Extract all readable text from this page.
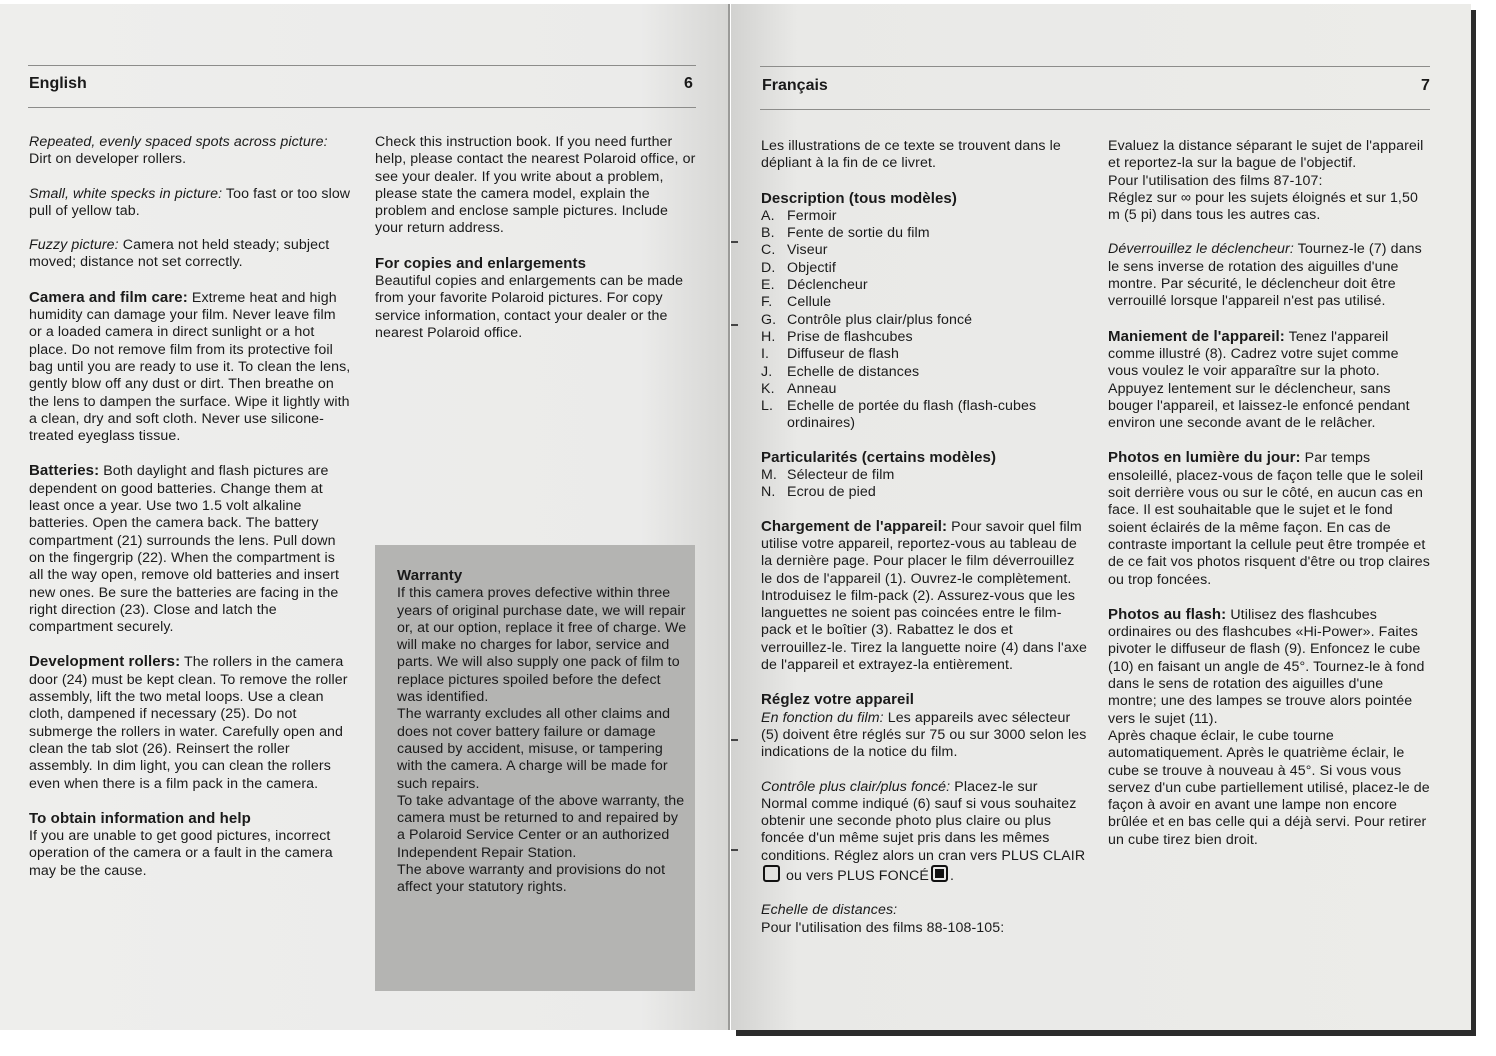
English	6

Repeated, evenly spaced spots across picture: Dirt on developer rollers.

Small, white specks in picture: Too fast or too slow pull of yellow tab.

Fuzzy picture: Camera not held steady; subject moved; distance not set correctly.

Camera and film care: Extreme heat and high humidity can damage your film. Never leave film or a loaded camera in direct sunlight or a hot place. Do not remove film from its protective foil bag until you are ready to use it. To clean the lens, gently blow off any dust or dirt. Then breathe on the lens to dampen the surface. Wipe it lightly with a clean, dry and soft cloth. Never use silicone-treated eyeglass tissue.

Batteries: Both daylight and flash pictures are dependent on good batteries. Change them at least once a year. Use two 1.5 volt alkaline batteries. Open the camera back. The battery compartment (21) surrounds the lens. Pull down on the fingergrip (22). When the compartment is all the way open, remove old batteries and insert new ones. Be sure the batteries are facing in the right direction (23). Close and latch the compartment securely.

Development rollers: The rollers in the camera door (24) must be kept clean. To remove the roller assembly, lift the two metal loops. Use a clean cloth, dampened if necessary (25). Do not submerge the rollers in water. Carefully open and clean the tab slot (26). Reinsert the roller assembly. In dim light, you can clean the rollers even when there is a film pack in the camera.

To obtain information and help

If you are unable to get good pictures, incorrect operation of the camera or a fault in the camera may be the cause.

Check this instruction book. If you need further help, please contact the nearest Polaroid office, or see your dealer. If you write about a problem, please state the camera model, explain the problem and enclose sample pictures. Include your return address.

For copies and enlargements

Beautiful copies and enlargements can be made from your favorite Polaroid pictures. For copy service information, contact your dealer or the nearest Polaroid office.

Warranty

If this camera proves defective within three years of original purchase date, we will repair or, at our option, replace it free of charge. We will make no charges for labor, service and parts. We will also supply one pack of film to replace pictures spoiled before the defect was identified.

The warranty excludes all other claims and does not cover battery failure or damage caused by accident, misuse, or tampering with the camera. A charge will be made for such repairs.

To take advantage of the above warranty, the camera must be returned to and repaired by a Polaroid Service Center or an authorized Independent Repair Station.

The above warranty and provisions do not affect your statutory rights.

Français	7

Les illustrations de ce texte se trouvent dans le dépliant à la fin de ce livret.

Description (tous modèles)

A. Fermoir
B. Fente de sortie du film
C. Viseur
D. Objectif
E. Déclencheur
F. Cellule
G. Contrôle plus clair/plus foncé
H. Prise de flashcubes
I. Diffuseur de flash
J. Echelle de distances
K. Anneau
L. Echelle de portée du flash (flash-cubes ordinaires)

Particularités (certains modèles)

M. Sélecteur de film
N. Ecrou de pied

Chargement de l'appareil: Pour savoir quel film utilise votre appareil, reportez-vous au tableau de la dernière page. Pour placer le film déverrouillez le dos de l'appareil (1). Ouvrez-le complètement. Introduisez le film-pack (2). Assurez-vous que les languettes ne soient pas coincées entre le film-pack et le boîtier (3). Rabattez le dos et verrouillez-le. Tirez la languette noire (4) dans l'axe de l'appareil et extrayez-la entièrement.

Réglez votre appareil

En fonction du film: Les appareils avec sélecteur (5) doivent être réglés sur 75 ou sur 3000 selon les indications de la notice du film.

Contrôle plus clair/plus foncé: Placez-le sur Normal comme indiqué (6) sauf si vous souhaitez obtenir une seconde photo plus claire ou plus foncée d'un même sujet pris dans les mêmes conditions. Réglez alors un cran vers PLUS CLAIR ou vers PLUS FONCÉ .

Echelle de distances:

Pour l'utilisation des films 88-108-105:

Evaluez la distance séparant le sujet de l'appareil et reportez-la sur la bague de l'objectif.

Pour l'utilisation des films 87-107:

Réglez sur ∞ pour les sujets éloignés et sur 1,50 m (5 pi) dans tous les autres cas.

Déverrouillez le déclencheur: Tournez-le (7) dans le sens inverse de rotation des aiguilles d'une montre. Par sécurité, le déclencheur doit être verrouillé lorsque l'appareil n'est pas utilisé.

Maniement de l'appareil: Tenez l'appareil comme illustré (8). Cadrez votre sujet comme vous voulez le voir apparaître sur la photo. Appuyez lentement sur le déclencheur, sans bouger l'appareil, et laissez-le enfoncé pendant environ une seconde avant de le relâcher.

Photos en lumière du jour: Par temps ensoleillé, placez-vous de façon telle que le soleil soit derrière vous ou sur le côté, en aucun cas en face. Il est souhaitable que le sujet et le fond soient éclairés de la même façon. En cas de contraste important la cellule peut être trompée et de ce fait vos photos risquent d'être ou trop claires ou trop foncées.

Photos au flash: Utilisez des flashcubes ordinaires ou des flashcubes «Hi-Power». Faites pivoter le diffuseur de flash (9). Enfoncez le cube (10) en faisant un angle de 45°. Tournez-le à fond dans le sens de rotation des aiguilles d'une montre; une des lampes se trouve alors pointée vers le sujet (11).

Après chaque éclair, le cube tourne automatiquement. Après le quatrième éclair, le cube se trouve à nouveau à 45°. Si vous vous servez d'un cube partiellement utilisé, placez-le de façon à avoir en avant une lampe non encore brûlée et en bas celle qui a déjà servi. Pour retirer un cube tirez bien droit.
